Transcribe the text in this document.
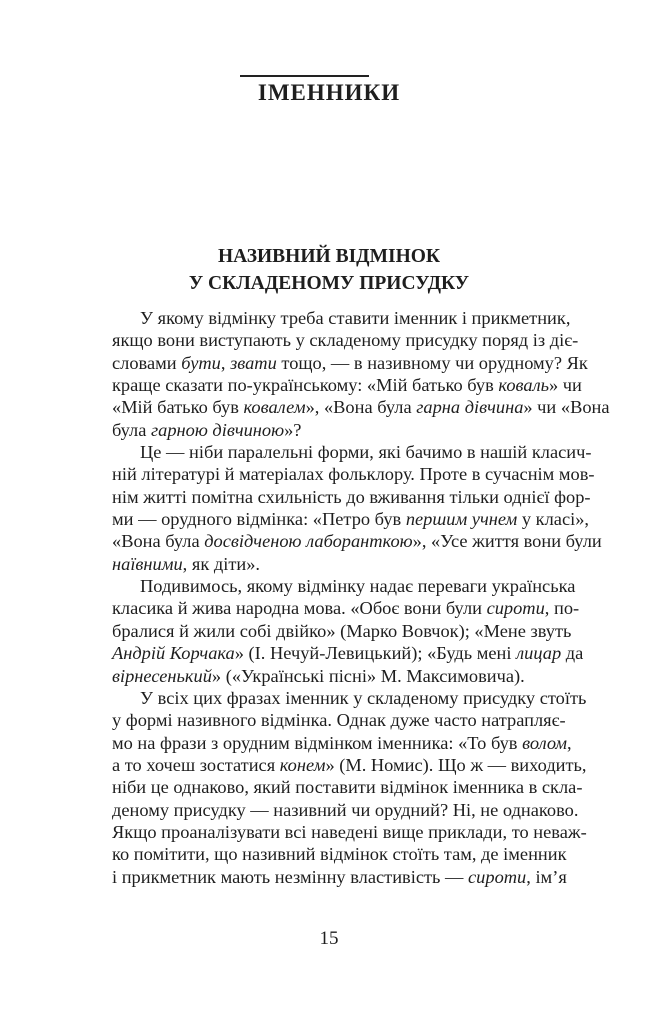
ІМЕННИКИ
НАЗИВНИЙ ВІДМІНОК
У СКЛАДЕНОМУ ПРИСУДКУ
У якому відмінку треба ставити іменник і прикметник,
якщо вони виступають у складеному присудку поряд із діє-
словами бути, звати тощо, — в називному чи орудному? Як
краще сказати по-українському: «Мій батько був коваль» чи
«Мій батько був ковалем», «Вона була гарна дівчина» чи «Вона
була гарною дівчиною»?
Це — ніби паралельні форми, які бачимо в нашій класич-
ній літературі й матеріалах фольклору. Проте в сучаснім мов-
нім житті помітна схильність до вживання тільки однієї фор-
ми — орудного відмінка: «Петро був першим учнем у класі»,
«Вона була досвідченою лаборанткою», «Усе життя вони були
наївними, як діти».
Подивимось, якому відмінку надає переваги українська
класика й жива народна мова. «Обоє вони були сироти, по-
бралися й жили собі двійко» (Марко Вовчок); «Мене звуть
Андрій Корчака» (І. Нечуй-Левицький); «Будь мені лицар да
вірнесенький» («Українські пісні» М. Максимовича).
У всіх цих фразах іменник у складеному присудку стоїть
у формі називного відмінка. Однак дуже часто натрапляє-
мо на фрази з орудним відмінком іменника: «То був волом,
а то хочеш зостатися конем» (М. Номис). Що ж — виходить,
ніби це однаково, який поставити відмінок іменника в скла-
деному присудку — називний чи орудний? Ні, не однаково.
Якщо проаналізувати всі наведені вище приклади, то неваж-
ко помітити, що називний відмінок стоїть там, де іменник
і прикметник мають незмінну властивість — сироти, ім’я
15
